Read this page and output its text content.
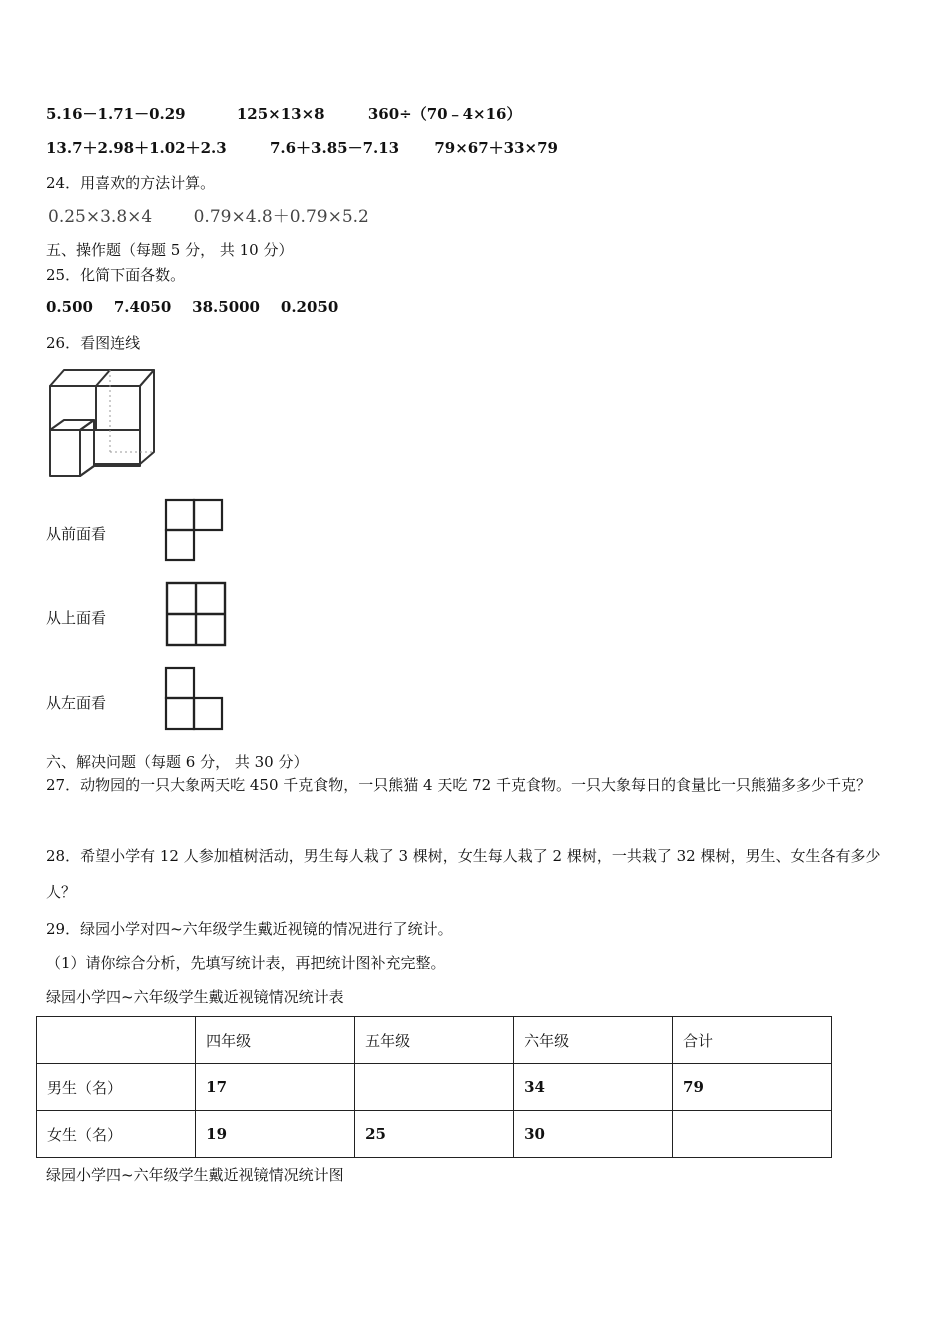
5.16－1.71－0.29	125×13×8	360÷（70﹣4×16）
13.7＋2.98＋1.02＋2.3	7.6＋3.85－7.13 79×67＋33×79
24．用喜欢的方法计算。
0.25×3.8×4 0.79×4.8＋0.79×5.2
五、操作题（每题 5 分， 共 10 分）
25．化简下面各数。
0.500    7.4050    38.5000    0.2050
26．看图连线
从前面看
从上面看
从左面看
六、解决问题（每题 6 分， 共 30 分）
27．动物园的一只大象两天吃 450 千克食物，一只熊猫 4 天吃 72 千克食物。一只大象每日的食量比一只熊猫多多少千克？
28．希望小学有 12 人参加植树活动，男生每人栽了 3 棵树，女生每人栽了 2 棵树，一共栽了 32 棵树，男生、女生各有多少人？
29．绿园小学对四~六年级学生戴近视镜的情况进行了统计。
（1）请你综合分析，先填写统计表，再把统计图补充完整。
绿园小学四~六年级学生戴近视镜情况统计表
	四年级	五年级	六年级	合计
男生（名）	17		34	79
女生（名）	19	25	30	
绿园小学四~六年级学生戴近视镜情况统计图
